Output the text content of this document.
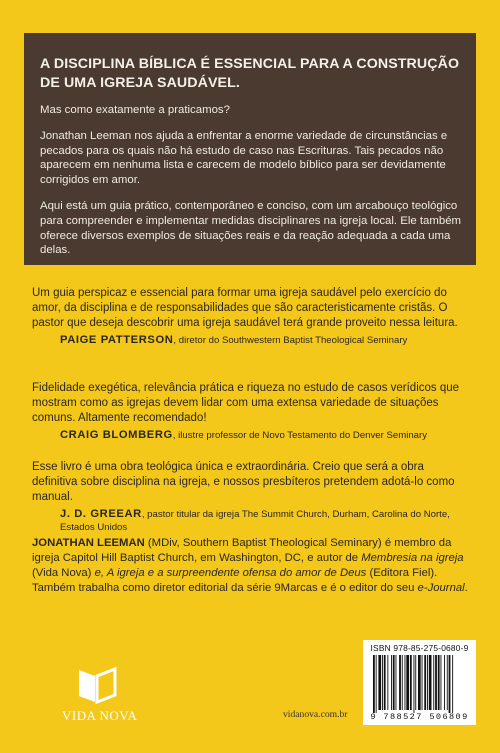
A DISCIPLINA BÍBLICA É ESSENCIAL PARA A CONSTRUÇÃO DE UMA IGREJA SAUDÁVEL.

Mas como exatamente a praticamos?

Jonathan Leeman nos ajuda a enfrentar a enorme variedade de circunstâncias e pecados para os quais não há estudo de caso nas Escrituras. Tais pecados não aparecem em nenhuma lista e carecem de modelo bíblico para ser devidamente corrigidos em amor.

Aqui está um guia prático, contemporâneo e conciso, com um arcabouço teológico para compreender e implementar medidas disciplinares na igreja local. Ele também oferece diversos exemplos de situações reais e da reação adequada a cada uma delas.

Um guia perspicaz e essencial para formar uma igreja saudável pelo exercício do amor, da disciplina e de responsabilidades que são caracteristicamente cristãs. O pastor que deseja descobrir uma igreja saudável terá grande proveito nessa leitura.

PAIGE PATTERSON, diretor do Southwestern Baptist Theological Seminary

Fidelidade exegética, relevância prática e riqueza no estudo de casos verídicos que mostram como as igrejas devem lidar com uma extensa variedade de situações comuns. Altamente recomendado!

CRAIG BLOMBERG, ilustre professor de Novo Testamento do Denver Seminary

Esse livro é uma obra teológica única e extraordinária. Creio que será a obra definitiva sobre disciplina na igreja, e nossos presbíteros pretendem adotá-lo como manual.

J. D. GREEAR, pastor titular da igreja The Summit Church, Durham, Carolina do Norte, Estados Unidos

JONATHAN LEEMAN (MDiv, Southern Baptist Theological Seminary) é membro da igreja Capitol Hill Baptist Church, em Washington, DC, e autor de Membresia na igreja (Vida Nova) e, A igreja e a surpreendente ofensa do amor de Deus (Editora Fiel). Também trabalha como diretor editorial da série 9Marcas e é o editor do seu e-Journal.

VIDA NOVA	vidanova.com.br
ISBN 978-85-275-0680-9
9 788527 506809
